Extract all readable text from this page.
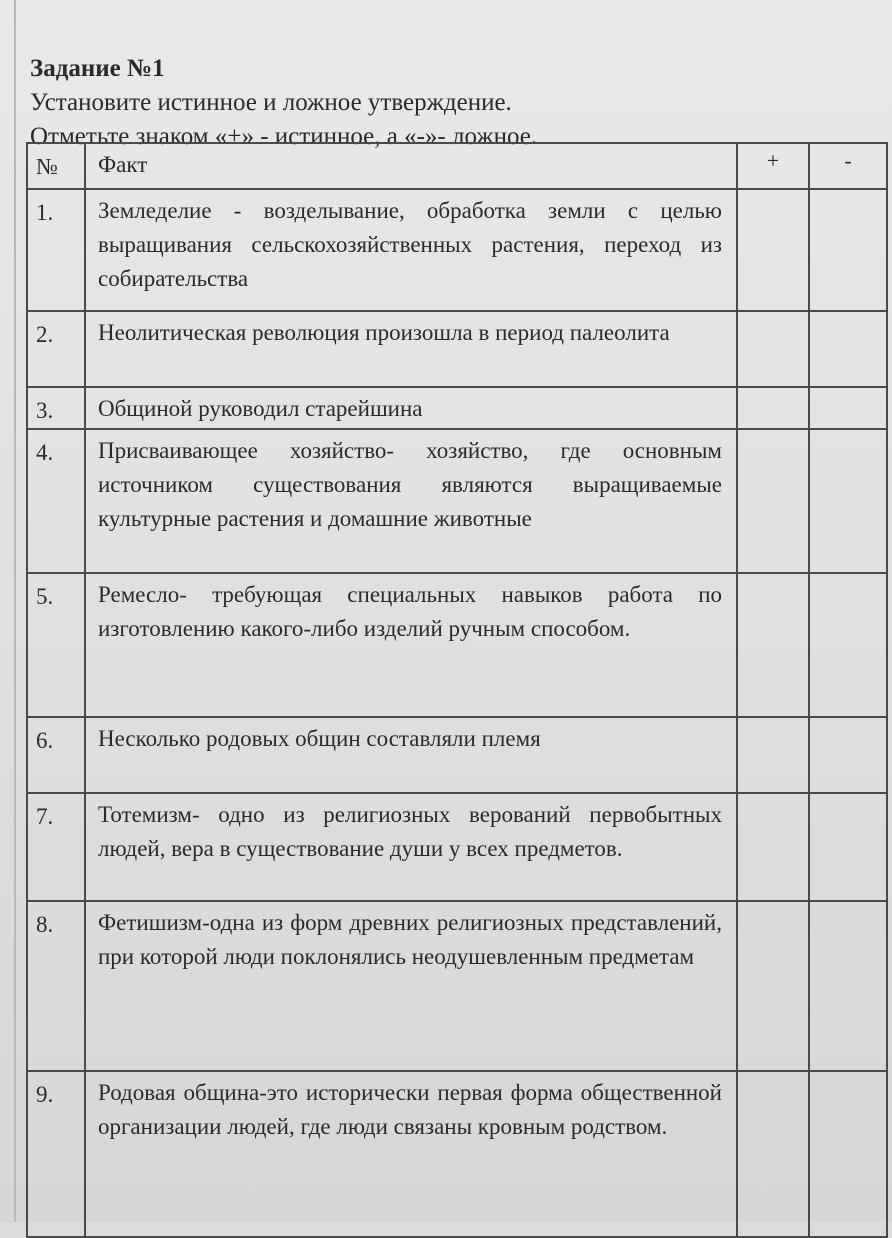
Задание №1
Установите истинное и ложное утверждение.
Отметьте знаком «+» - истинное, а «-»- ложное.
№	Факт	+	-
1.	Земледелие - возделывание, обработка земли с целью выращивания сельскохозяйственных растения, переход из собирательства		
2.	Неолитическая революция произошла в период палеолита		
3.	Общиной руководил старейшина		
4.	Присваивающее хозяйство- хозяйство, где основным источником существования являются выращиваемые культурные растения и домашние животные		
5.	Ремесло- требующая специальных навыков работа по изготовлению какого-либо изделий ручным способом.		
6.	Несколько родовых общин составляли племя		
7.	Тотемизм- одно из религиозных верований первобытных людей, вера в существование души у всех предметов.		
8.	Фетишизм-одна из форм древних религиозных представлений, при которой люди поклонялись неодушевленным предметам		
9.	Родовая община-это исторически первая форма общественной организации людей, где люди связаны кровным родством.		
